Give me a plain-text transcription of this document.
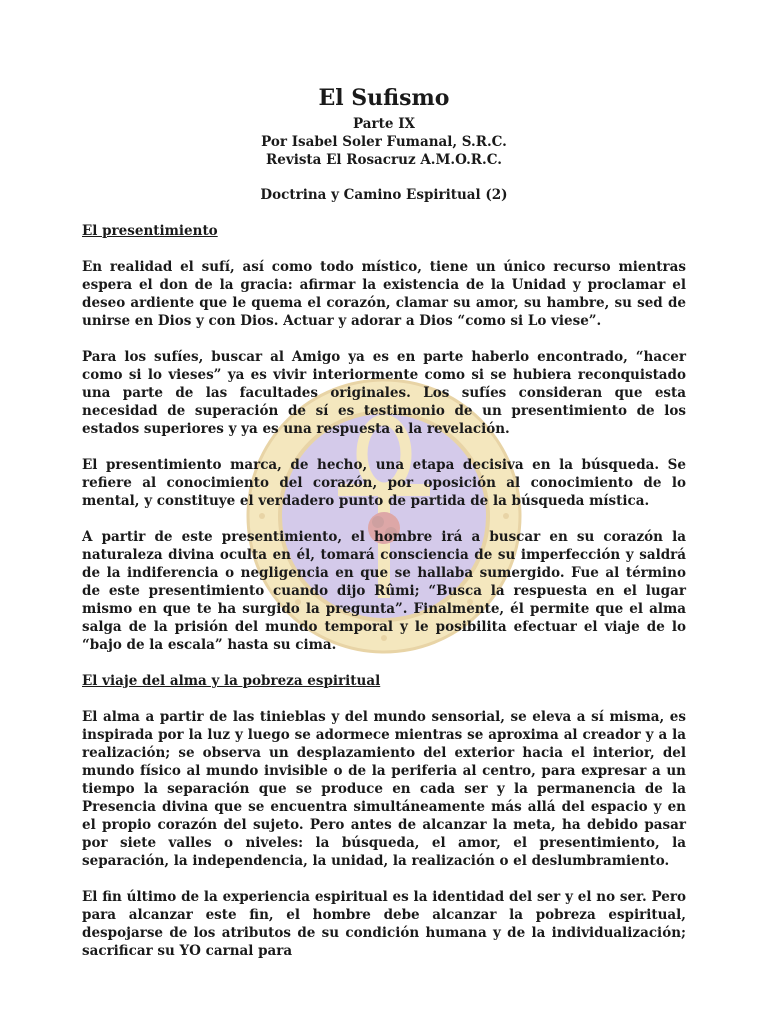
El Sufismo

Parte IX

Por Isabel Soler Fumanal, S.R.C.

Revista El Rosacruz A.M.O.R.C.

Doctrina y Camino Espiritual (2)

El presentimiento

En realidad el sufí, así como todo místico, tiene un único recurso mientras espera el don de la gracia: afirmar la existencia de la Unidad y proclamar el deseo ardiente que le quema el corazón, clamar su amor, su hambre, su sed de unirse en Dios y con Dios. Actuar y adorar a Dios “como si Lo viese”.

Para los sufíes, buscar al Amigo ya es en parte haberlo encontrado, “hacer como si lo vieses” ya es vivir interiormente como si se hubiera reconquistado una parte de las facultades originales. Los sufíes consideran que esta necesidad de superación de sí es testimonio de un presentimiento de los estados superiores y ya es una respuesta a la revelación.

El presentimiento marca, de hecho, una etapa decisiva en la búsqueda. Se refiere al conocimiento del corazón, por oposición al conocimiento de lo mental, y constituye el verdadero punto de partida de la búsqueda mística.

A partir de este presentimiento, el hombre irá a buscar en su corazón la naturaleza divina oculta en él, tomará consciencia de su imperfección y saldrá de la indiferencia o negligencia en que se hallaba sumergido. Fue al término de este presentimiento cuando dijo Rûmi; “Busca la respuesta en el lugar mismo en que te ha surgido la pregunta”. Finalmente, él permite que el alma salga de la prisión del mundo temporal y le posibilita efectuar el viaje de lo “bajo de la escala” hasta su cima.

El viaje del alma y la pobreza espiritual

El alma a partir de las tinieblas y del mundo sensorial, se eleva a sí misma, es inspirada por la luz y luego se adormece mientras se aproxima al creador y a la realización; se observa un desplazamiento del exterior hacia el interior, del mundo físico al mundo invisible o de la periferia al centro, para expresar a un tiempo la separación que se produce en cada ser y la permanencia de la Presencia divina que se encuentra simultáneamente más allá del espacio y en el propio corazón del sujeto. Pero antes de alcanzar la meta, ha debido pasar por siete valles o niveles: la búsqueda, el amor, el presentimiento, la separación, la independencia, la unidad, la realización o el deslumbramiento.

El fin último de la experiencia espiritual es la identidad del ser y el no ser. Pero para alcanzar este fin, el hombre debe alcanzar la pobreza espiritual, despojarse de los atributos de su condición humana y de la individualización; sacrificar su YO carnal para
